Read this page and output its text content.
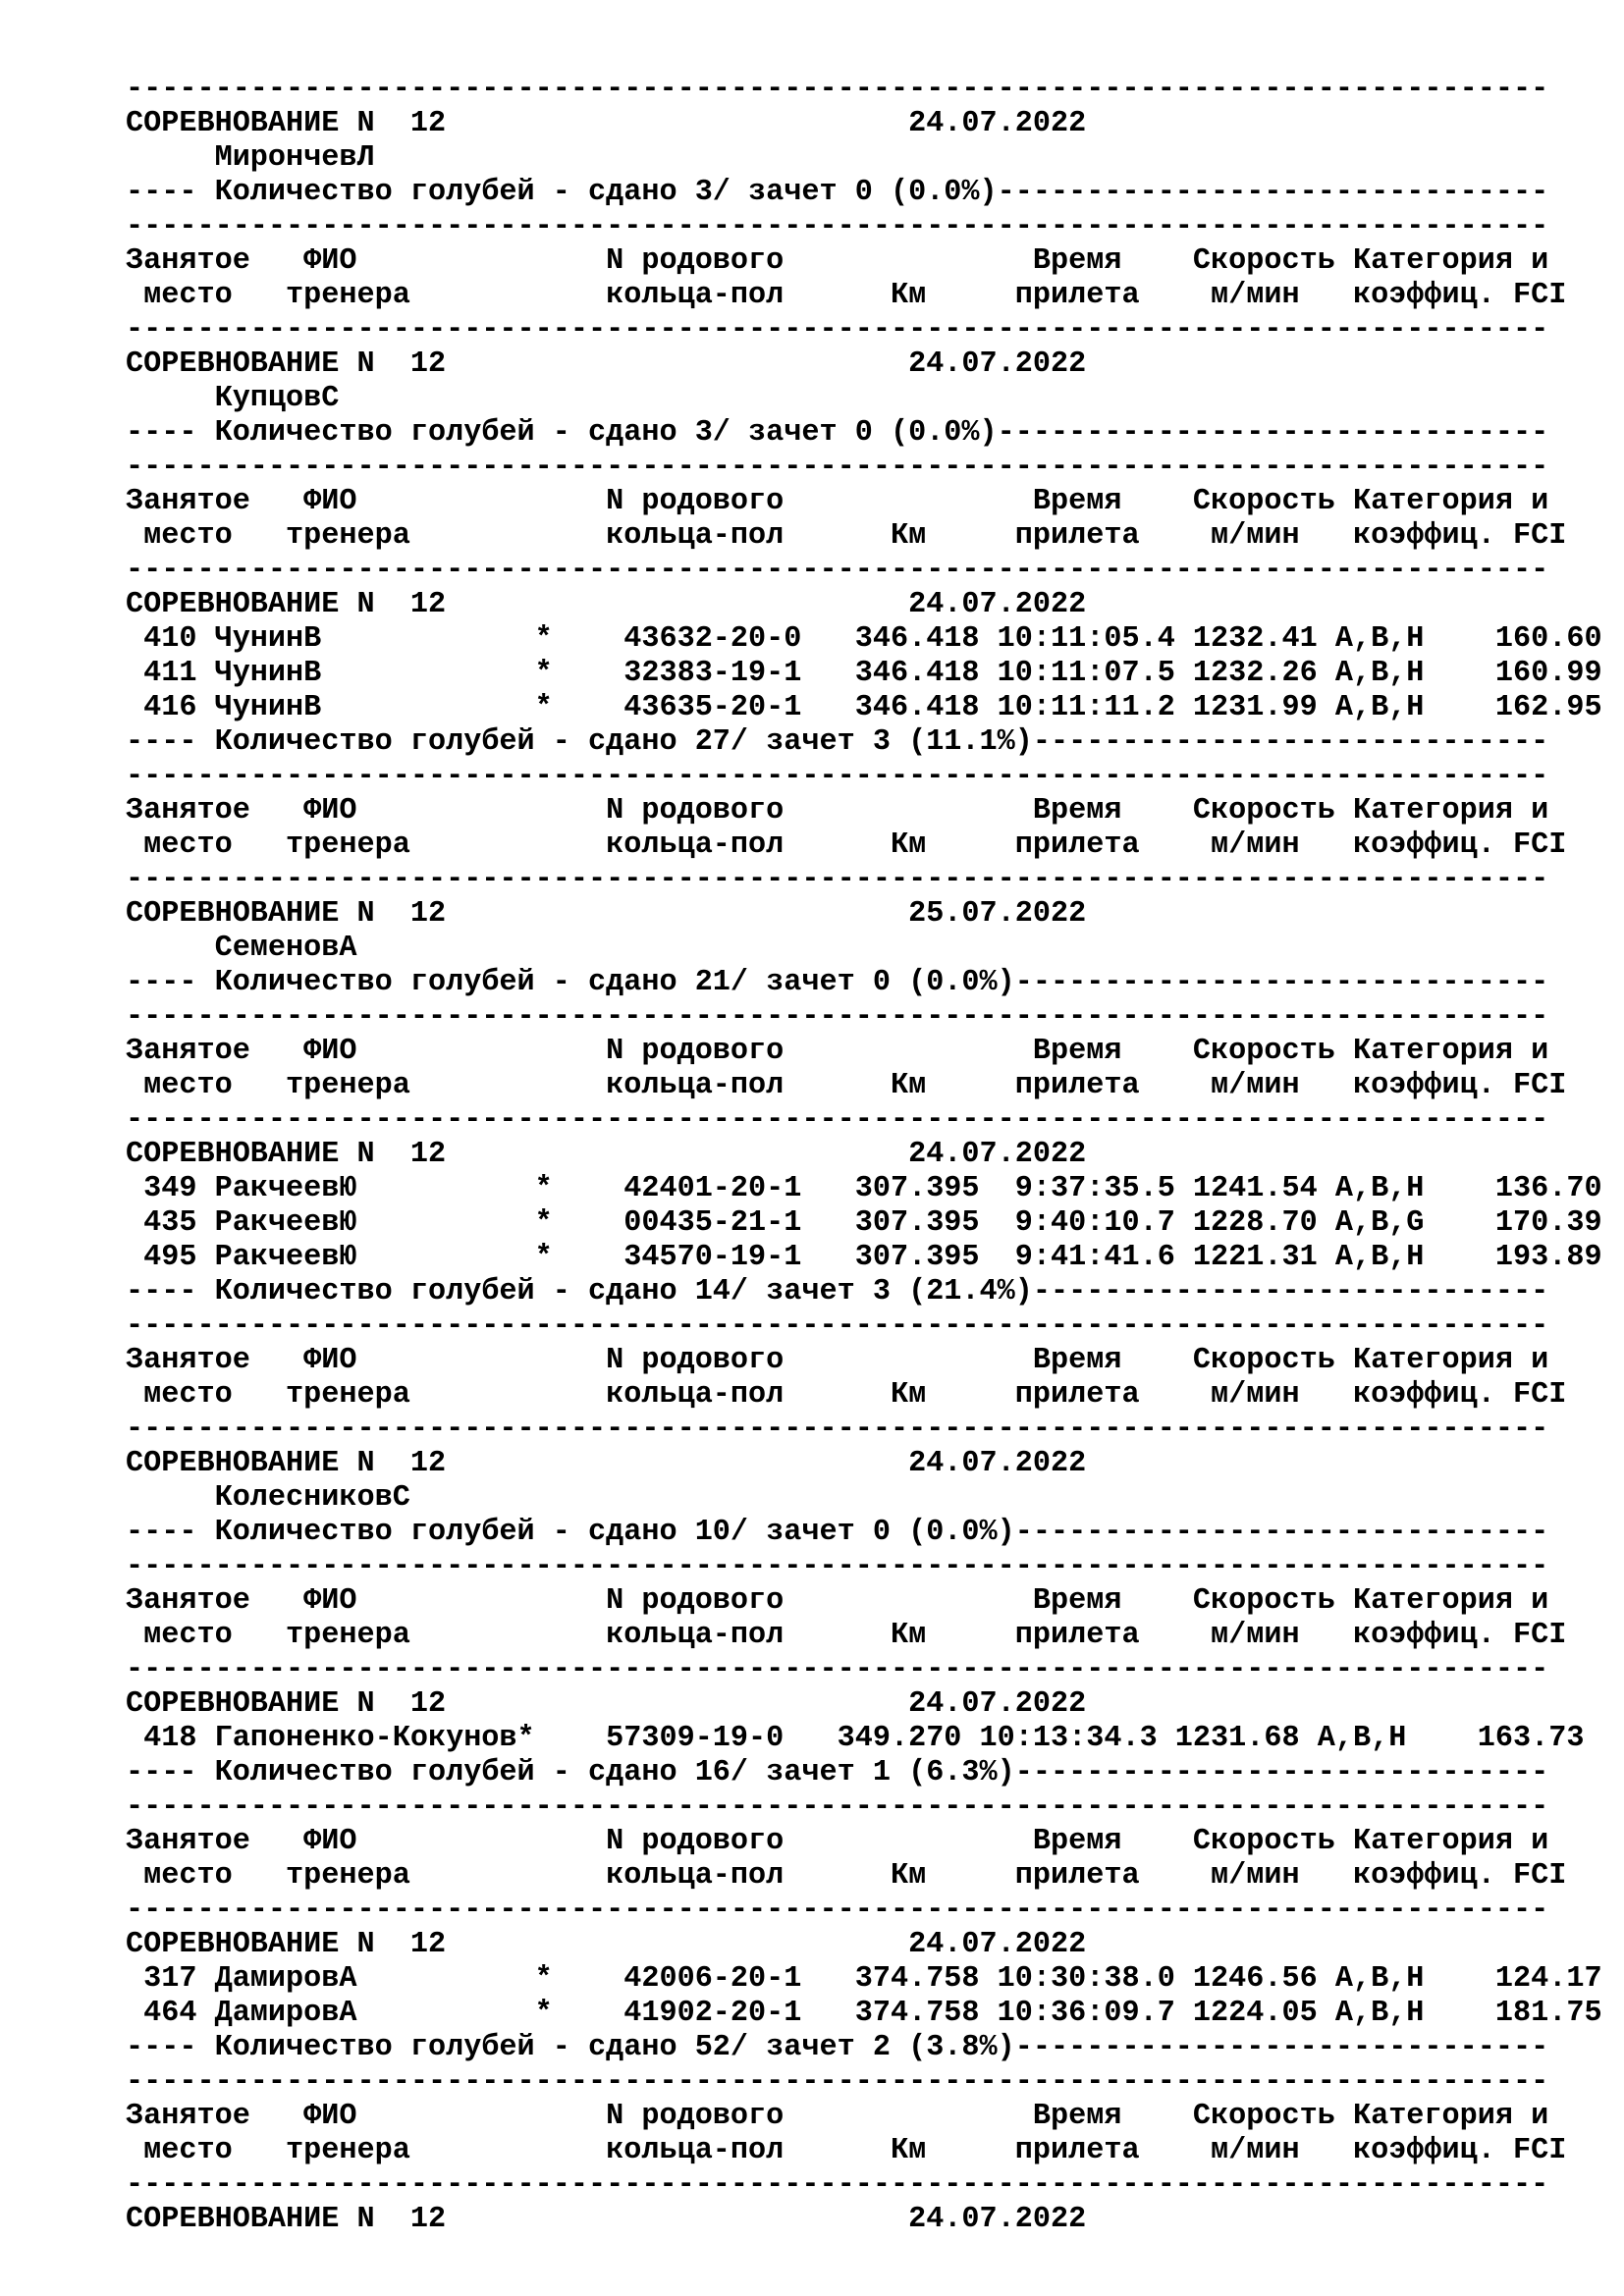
--------------------------------------------------------------------------------
СОРЕВНОВАНИЕ N  12                          24.07.2022
МирончевЛ
---- Количество голубей - сдано 3/ зачет 0 (0.0%)-------------------------------
--------------------------------------------------------------------------------
Занятое   ФИО              N родового              Время    Скорость Категория и
место   тренера           кольца-пол      Км     прилета    м/мин   коэффиц. FCI
--------------------------------------------------------------------------------
СОРЕВНОВАНИЕ N  12                          24.07.2022
КупцовС
---- Количество голубей - сдано 3/ зачет 0 (0.0%)-------------------------------
--------------------------------------------------------------------------------
Занятое   ФИО              N родового              Время    Скорость Категория и
место   тренера           кольца-пол      Км     прилета    м/мин   коэффиц. FCI
--------------------------------------------------------------------------------
СОРЕВНОВАНИЕ N  12                          24.07.2022
410 ЧунинВ            *    43632-20-0   346.418 10:11:05.4 1232.41 A,B,H    160.60
411 ЧунинВ            *    32383-19-1   346.418 10:11:07.5 1232.26 A,B,H    160.99
416 ЧунинВ            *    43635-20-1   346.418 10:11:11.2 1231.99 A,B,H    162.95
---- Количество голубей - сдано 27/ зачет 3 (11.1%)-----------------------------
--------------------------------------------------------------------------------
Занятое   ФИО              N родового              Время    Скорость Категория и
место   тренера           кольца-пол      Км     прилета    м/мин   коэффиц. FCI
--------------------------------------------------------------------------------
СОРЕВНОВАНИЕ N  12                          25.07.2022
СеменовА
---- Количество голубей - сдано 21/ зачет 0 (0.0%)------------------------------
--------------------------------------------------------------------------------
Занятое   ФИО              N родового              Время    Скорость Категория и
место   тренера           кольца-пол      Км     прилета    м/мин   коэффиц. FCI
--------------------------------------------------------------------------------
СОРЕВНОВАНИЕ N  12                          24.07.2022
349 РакчеевЮ          *    42401-20-1   307.395  9:37:35.5 1241.54 A,B,H    136.70
435 РакчеевЮ          *    00435-21-1   307.395  9:40:10.7 1228.70 A,B,G    170.39
495 РакчеевЮ          *    34570-19-1   307.395  9:41:41.6 1221.31 A,B,H    193.89
---- Количество голубей - сдано 14/ зачет 3 (21.4%)-----------------------------
--------------------------------------------------------------------------------
Занятое   ФИО              N родового              Время    Скорость Категория и
место   тренера           кольца-пол      Км     прилета    м/мин   коэффиц. FCI
--------------------------------------------------------------------------------
СОРЕВНОВАНИЕ N  12                          24.07.2022
КолесниковС
---- Количество голубей - сдано 10/ зачет 0 (0.0%)------------------------------
--------------------------------------------------------------------------------
Занятое   ФИО              N родового              Время    Скорость Категория и
место   тренера           кольца-пол      Км     прилета    м/мин   коэффиц. FCI
--------------------------------------------------------------------------------
СОРЕВНОВАНИЕ N  12                          24.07.2022
418 Гапоненко-Кокунов*    57309-19-0   349.270 10:13:34.3 1231.68 A,B,H    163.73
---- Количество голубей - сдано 16/ зачет 1 (6.3%)------------------------------
--------------------------------------------------------------------------------
Занятое   ФИО              N родового              Время    Скорость Категория и
место   тренера           кольца-пол      Км     прилета    м/мин   коэффиц. FCI
--------------------------------------------------------------------------------
СОРЕВНОВАНИЕ N  12                          24.07.2022
317 ДамировА          *    42006-20-1   374.758 10:30:38.0 1246.56 A,B,H    124.17
464 ДамировА          *    41902-20-1   374.758 10:36:09.7 1224.05 A,B,H    181.75
---- Количество голубей - сдано 52/ зачет 2 (3.8%)------------------------------
--------------------------------------------------------------------------------
Занятое   ФИО              N родового              Время    Скорость Категория и
место   тренера           кольца-пол      Км     прилета    м/мин   коэффиц. FCI
--------------------------------------------------------------------------------
СОРЕВНОВАНИЕ N  12                          24.07.2022
